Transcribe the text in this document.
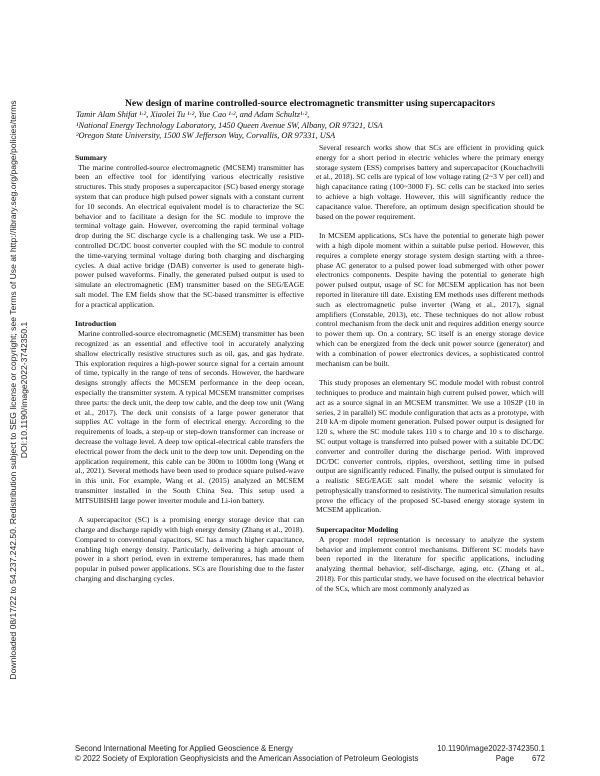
Downloaded 08/17/22 to 54.237.242.50. Redistribution subject to SEG license or copyright; see Terms of Use at http://library.seg.org/page/policies/terms DOI:10.1190/image2022-3742350.1
New design of marine controlled-source electromagnetic transmitter using supercapacitors
Tamir Alam Shifat ¹·², Xiaolei Tu ¹·², Yue Cao ¹·², and Adam Schultz¹·²,
¹National Energy Technology Laboratory, 1450 Queen Avenue SW, Albany, OR 97321, USA
²Oregon State University, 1500 SW Jefferson Way, Corvallis, OR 97331, USA
Summary

The marine controlled-source electromagnetic (MCSEM) transmitter has been an effective tool for identifying various electrically resistive structures. This study proposes a supercapacitor (SC) based energy storage system that can produce high pulsed power signals with a constant current for 10 seconds. An electrical equivalent model is to characterize the SC behavior and to facilitate a design for the SC module to improve the terminal voltage gain. However, overcoming the rapid terminal voltage drop during the SC discharge cycle is a challenging task. We use a PID-controlled DC/DC boost converter coupled with the SC module to control the time-varying terminal voltage during both charging and discharging cycles. A dual active bridge (DAB) converter is used to generate high-power pulsed waveforms. Finally, the generated pulsed output is used to simulate an electromagnetic (EM) transmitter based on the SEG/EAGE salt model. The EM fields show that the SC-based transmitter is effective for a practical application.

Introduction

Marine controlled-source electromagnetic (MCSEM) transmitter has been recognized as an essential and effective tool in accurately analyzing shallow electrically resistive structures such as oil, gas, and gas hydrate. This exploration requires a high-power source signal for a certain amount of time, typically in the range of tens of seconds. However, the hardware designs strongly affects the MCSEM performance in the deep ocean, especially the transmitter system. A typical MCSEM transmitter comprises three parts: the deck unit, the deep tow cable, and the deep tow unit (Wang et al., 2017). The deck unit consists of a large power generator that supplies AC voltage in the form of electrical energy. According to the requirements of loads, a step-up or step-down transformer can increase or decrease the voltage level. A deep tow optical-electrical cable transfers the electrical power from the deck unit to the deep tow unit. Depending on the application requirement, this cable can be 300m to 1000m long (Wang et al., 2021). Several methods have been used to produce square pulsed-wave in this unit. For example, Wang et al. (2015) analyzed an MCSEM transmitter installed in the South China Sea. This setup used a MITSUBISHI large power inverter module and Li-ion battery.

A supercapacitor (SC) is a promising energy storage device that can charge and discharge rapidly with high energy density (Zhang et al., 2018). Compared to conventional capacitors, SC has a much higher capacitance, enabling high energy density. Particularly, delivering a high amount of power in a short period, even in extreme temperatures, has made them popular in pulsed power applications. SCs are flourishing due to the faster charging and discharging cycles.

Several research works show that SCs are efficient in providing quick energy for a short period in electric vehicles where the primary energy storage system (ESS) comprises battery and supercapacitor (Kouchachvili et al., 2018). SC cells are typical of low voltage rating (2~3 V per cell) and high capacitance rating (100~3000 F). SC cells can be stacked into series to achieve a high voltage. However, this will significantly reduce the capacitance value. Therefore, an optimum design specification should be based on the power requirement.

In MCSEM applications, SCs have the potential to generate high power with a high dipole moment within a suitable pulse period. However, this requires a complete energy storage system design starting with a three-phase AC generator to a pulsed power load submerged with other power electronics components. Despite having the potential to generate high power pulsed output, usage of SC for MCSEM application has not been reported in literature till date. Existing EM methods uses different methods such as electromagnetic pulse inverter (Wang et al., 2017), signal amplifiers (Constable, 2013), etc. These techniques do not allow robust control mechanism from the deck unit and requires addition energy source to power them up. On a contrary, SC itself is an energy storage device which can be energized from the deck unit power source (generator) and with a combination of power electronics devices, a sophisticated control mechanism can be built.

This study proposes an elementary SC module model with robust control techniques to produce and maintain high current pulsed power, which will act as a source signal in an MCSEM transmitter. We use a 10S2P (10 in series, 2 in parallel) SC module configuration that acts as a prototype, with 210 kA·m dipole moment generation. Pulsed power output is designed for 120 s, where the SC module takes 110 s to charge and 10 s to discharge. SC output voltage is transferred into pulsed power with a suitable DC/DC converter and controller during the discharge period. With improved DC/DC converter controls, ripples, overshoot, settling time in pulsed output are significantly reduced. Finally, the pulsed output is simulated for a realistic SEG/EAGE salt model where the seismic velocity is petrophysically transformed to resistivity. The numerical simulation results prove the efficacy of the proposed SC-based energy storage system in MCSEM application.

Supercapacitor Modeling

A proper model representation is necessary to analyze the system behavior and implement control mechanisms. Different SC models have been reported in the literature for specific applications, including analyzing thermal behavior, self-discharge, aging, etc. (Zhang et al., 2018). For this particular study, we have focused on the electrical behavior of the SCs, which are most commonly analyzed as

Second International Meeting for Applied Geoscience & Energy	10.1190/image2022-3742350.1
© 2022 Society of Exploration Geophysicists and the American Association of Petroleum Geologists	Page 672
